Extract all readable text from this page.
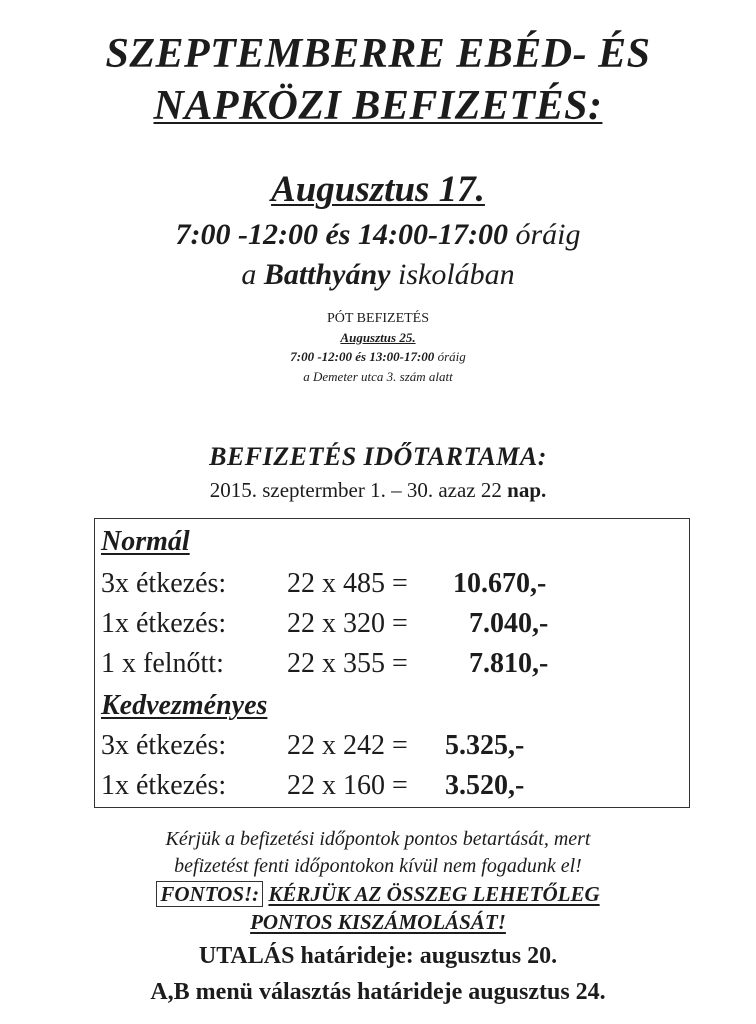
SZEPTEMBERRE EBÉD- ÉS
NAPKÖZI BEFIZETÉS:
Augusztus 17.
7:00 -12:00 és 14:00-17:00 óráig
a Batthyány iskolában
PÓT BEFIZETÉS
Augusztus 25.
7:00 -12:00 és 13:00-17:00 óráig
a Demeter utca 3. szám alatt
BEFIZETÉS IDŐTARTAMA:
2015. szeptermber 1. – 30. azaz 22 nap.
Normál
3x étkezés: 22 x 485 = 10.670,-
1x étkezés: 22 x 320 = 7.040,-
1 x felnőtt: 22 x 355 = 7.810,-
Kedvezményes
3x étkezés: 22 x 242 = 5.325,-
1x étkezés: 22 x 160 = 3.520,-
Kérjük a befizetési időpontok pontos betartását, mert
befizetést fenti időpontokon kívül nem fogadunk el!
FONTOS!: KÉRJÜK AZ ÖSSZEG LEHETŐLEG
PONTOS KISZÁMOLÁSÁT!
UTALÁS határideje: augusztus 20.
A,B menü választás határideje augusztus 24.
